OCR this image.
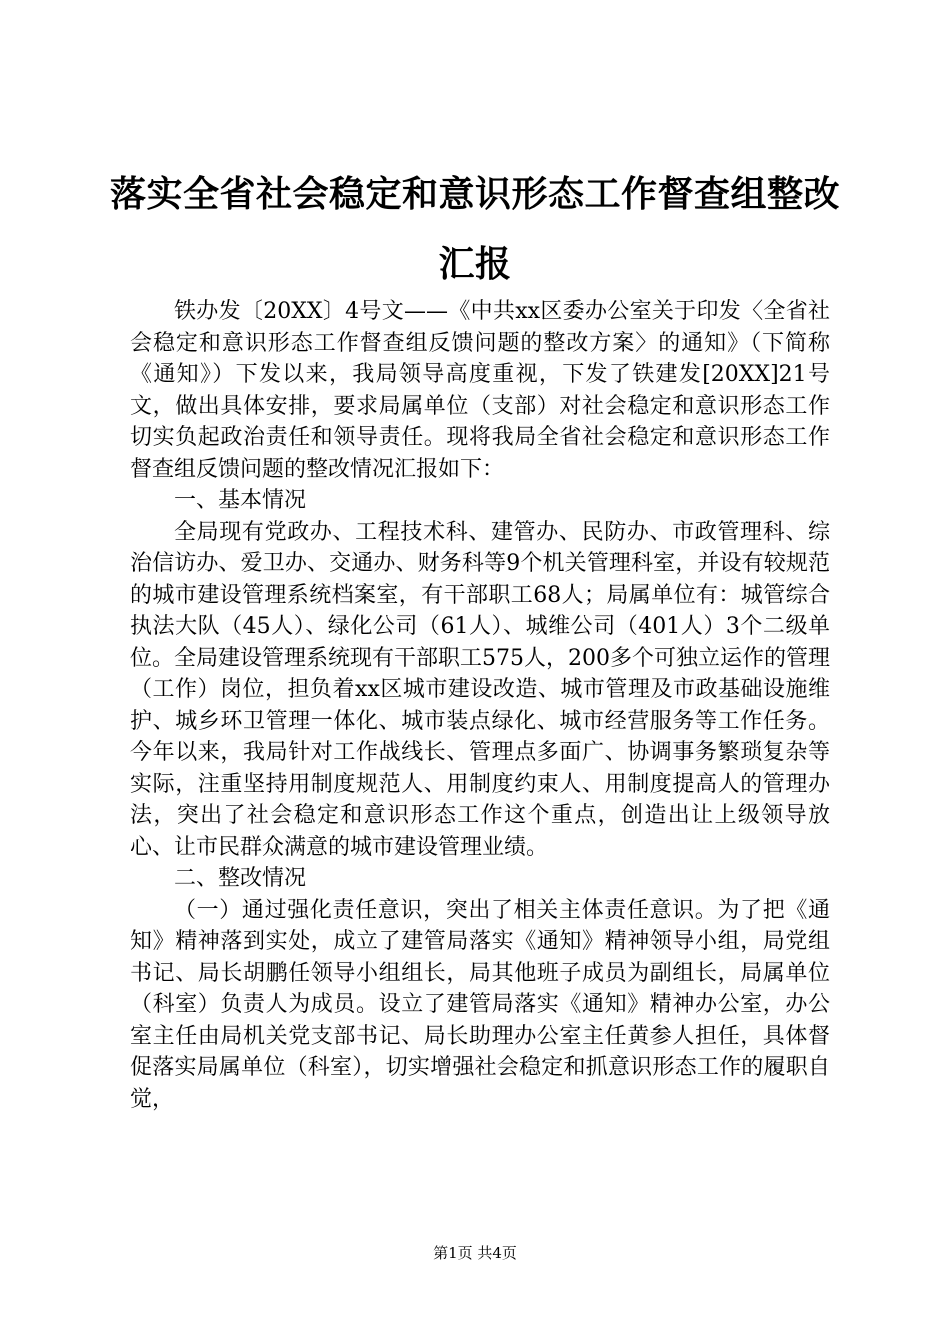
落实全省社会稳定和意识形态工作督查组整改汇报

铁办发〔20XX〕4号文——《中共xx区委办公室关于印发〈全省社会稳定和意识形态工作督查组反馈问题的整改方案〉的通知》（下简称《通知》）下发以来，我局领导高度重视，下发了铁建发[20XX]21号文，做出具体安排，要求局属单位（支部）对社会稳定和意识形态工作切实负起政治责任和领导责任。现将我局全省社会稳定和意识形态工作督查组反馈问题的整改情况汇报如下：

一、基本情况

全局现有党政办、工程技术科、建管办、民防办、市政管理科、综治信访办、爱卫办、交通办、财务科等9个机关管理科室，并设有较规范的城市建设管理系统档案室，有干部职工68人；局属单位有：城管综合执法大队（45人）、绿化公司（61人）、城维公司（401人）3个二级单位。全局建设管理系统现有干部职工575人，200多个可独立运作的管理（工作）岗位，担负着xx区城市建设改造、城市管理及市政基础设施维护、城乡环卫管理一体化、城市装点绿化、城市经营服务等工作任务。今年以来，我局针对工作战线长、管理点多面广、协调事务繁琐复杂等实际，注重坚持用制度规范人、用制度约束人、用制度提高人的管理办法，突出了社会稳定和意识形态工作这个重点，创造出让上级领导放心、让市民群众满意的城市建设管理业绩。

二、整改情况

（一）通过强化责任意识，突出了相关主体责任意识。为了把《通知》精神落到实处，成立了建管局落实《通知》精神领导小组，局党组书记、局长胡鹏任领导小组组长，局其他班子成员为副组长，局属单位（科室）负责人为成员。设立了建管局落实《通知》精神办公室，办公室主任由局机关党支部书记、局长助理办公室主任黄参人担任，具体督促落实局属单位（科室），切实增强社会稳定和抓意识形态工作的履职自觉，

第1页 共4页
